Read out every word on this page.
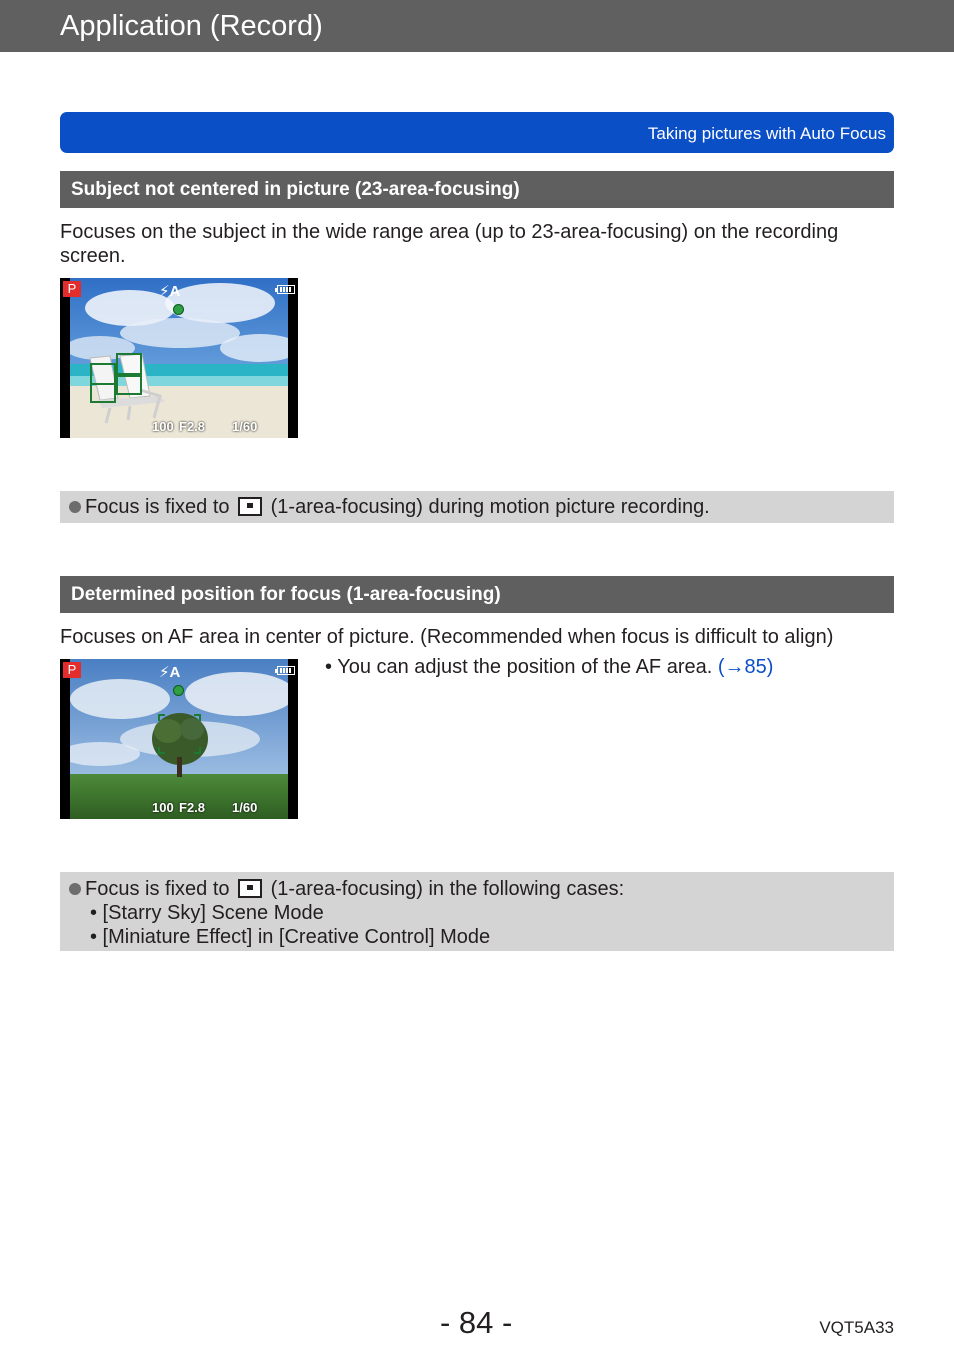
Application (Record)
Taking pictures with Auto Focus
Subject not centered in picture (23-area-focusing)
Focuses on the subject in the wide range area (up to 23-area-focusing) on the recording screen.
P	⚡A
100 F2.8 1/60
Focus is fixed to (1-area-focusing) during motion picture recording.
Determined position for focus (1-area-focusing)
Focuses on AF area in center of picture. (Recommended when focus is difficult to align)
• You can adjust the position of the AF area. (→85)
P	⚡A
100 F2.8 1/60
Focus is fixed to (1-area-focusing) in the following cases:
• [Starry Sky] Scene Mode
• [Miniature Effect] in [Creative Control] Mode
- 84 -	VQT5A33
